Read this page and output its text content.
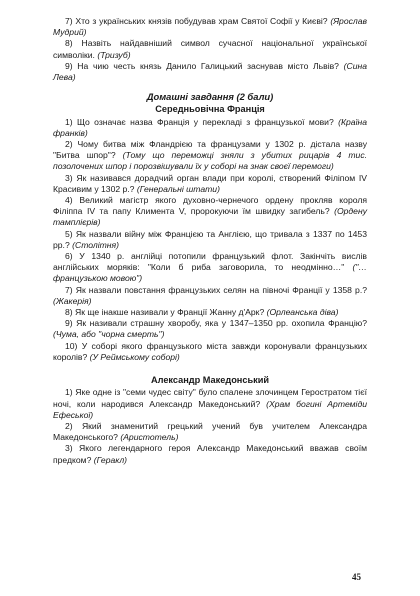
7) Хто з українських князів побудував храм Святої Софії у Києві? (Ярослав Мудрий)

8) Назвіть найдавніший символ сучасної національної української символіки. (Тризуб)

9) На чию честь князь Данило Галицький заснував місто Львів? (Сина Лева)

Домашні завдання (2 бали)
Середньовічна Франція

1) Що означає назва Франція у перекладі з французької мови? (Країна франків)

2) Чому битва між Фландрією та французами у 1302 р. дістала назву "Битва шпор"? (Тому що переможці зняли з убитих рицарів 4 тис. позолочених шпор і порозвішували їх у соборі на знак своєї перемоги)

3) Як називався дорадчий орган влади при королі, створений Філіпом IV Красивим у 1302 р.? (Генеральні штати)

4) Великий магістр якого духовно-чернечого ордену прокляв короля Філіппа IV та папу Климента V, пророкуючи їм швидку загибель? (Ордену тамплієрів)

5) Як назвали війну між Францією та Англією, що тривала з 1337 по 1453 рр.? (Столітня)

6) У 1340 р. англійці потопили французький флот. Закінчіть вислів англійських моряків: "Коли б риба заговорила, то неодмінно…" ("…французькою мовою")

7) Як назвали повстання французьких селян на півночі Франції у 1358 р.? (Жакерія)

8) Як ще інакше називали у Франції Жанну д'Арк? (Орлеанська діва)

9) Як називали страшну хворобу, яка у 1347–1350 рр. охопила Францію? (Чума, або "чорна смерть")

10) У соборі якого французького міста завжди коронували французьких королів? (У Реймському соборі)

Александр Македонський

1) Яке одне із "семи чудес світу" було спалене злочинцем Геростратом тієї ночі, коли народився Александр Македонський? (Храм богині Артеміди Ефеської)

2) Який знаменитий грецький учений був учителем Александра Македонського? (Аристотель)

3) Якого легендарного героя Александр Македонський вважав своїм предком? (Геракл)

45
